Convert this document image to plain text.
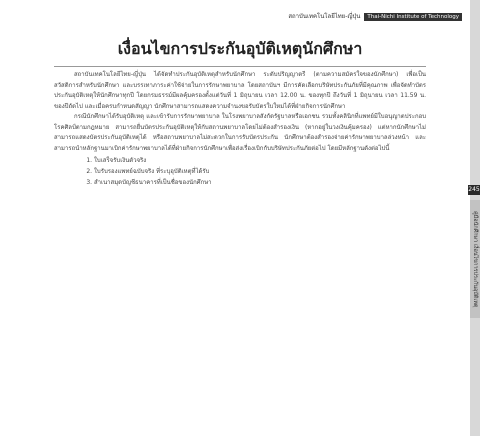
สถาบันเทคโนโลยีไทย-ญี่ปุ่น	Thai-Nichi Institute of Technology
เงื่อนไขการประกันอุบัติเหตุนักศึกษา

สถาบันเทคโนโลยีไทย-ญี่ปุ่น ได้จัดทำประกันอุบัติเหตุสำหรับนักศึกษา ระดับปริญญาตรี (ตามความสมัครใจของนักศึกษา) เพื่อเป็นสวัสดิการสำหรับนักศึกษา และบรรเทาภาระค่าใช้จ่ายในการรักษาพยาบาล โดยสถาบันฯ มีการคัดเลือกบริษัทประกันภัยที่มีคุณภาพ เพื่อจัดทำบัตรประกันอุบัติเหตุให้นักศึกษาทุกปี โดยกรมธรรม์มีผลคุ้มครองตั้งแต่วันที่ 1 มิถุนายน เวลา 12.00 น. ของทุกปี ถึงวันที่ 1 มิถุนายน เวลา 11.59 น. ของปีถัดไป และเมื่อครบกำหนดสัญญา นักศึกษาสามารถแสดงความจำนงขอรับบัตรใบใหม่ได้ที่ฝ่ายกิจการนักศึกษา

กรณีนักศึกษาได้รับอุบัติเหตุ และเข้ารับการรักษาพยาบาล ในโรงพยาบาลสังกัดรัฐบาลหรือเอกชน รวมทั้งคลินิกที่แพทย์มีใบอนุญาตประกอบโรคศิลป์ตามกฎหมาย สามารถยื่นบัตรประกันอุบัติเหตุให้กับสถานพยาบาลโดยไม่ต้องสำรองเงิน (หากอยู่ในวงเงินคุ้มครอง) แต่หากนักศึกษาไม่สามารถแสดงบัตรประกันอุบัติเหตุได้ หรือสถานพยาบาลไม่สะดวกในการรับบัตรประกัน นักศึกษาต้องสำรองจ่ายค่ารักษาพยาบาลล่วงหน้า และสามารถนำหลักฐานมาเบิกค่ารักษาพยาบาลได้ที่ฝ่ายกิจการนักศึกษาเพื่อส่งเรื่องเบิกกับบริษัทประกันภัยต่อไป โดยมีหลักฐานดังต่อไปนี้

1. ใบเสร็จรับเงินตัวจริง
2. ใบรับรองแพทย์ฉบับจริง ที่ระบุอุบัติเหตุที่ได้รับ
3. สำเนาสมุดบัญชีธนาคารที่เป็นชื่อของนักศึกษา
245
คู่มือนักศึกษา เงื่อนไขการประกันอุบัติเหตุ
